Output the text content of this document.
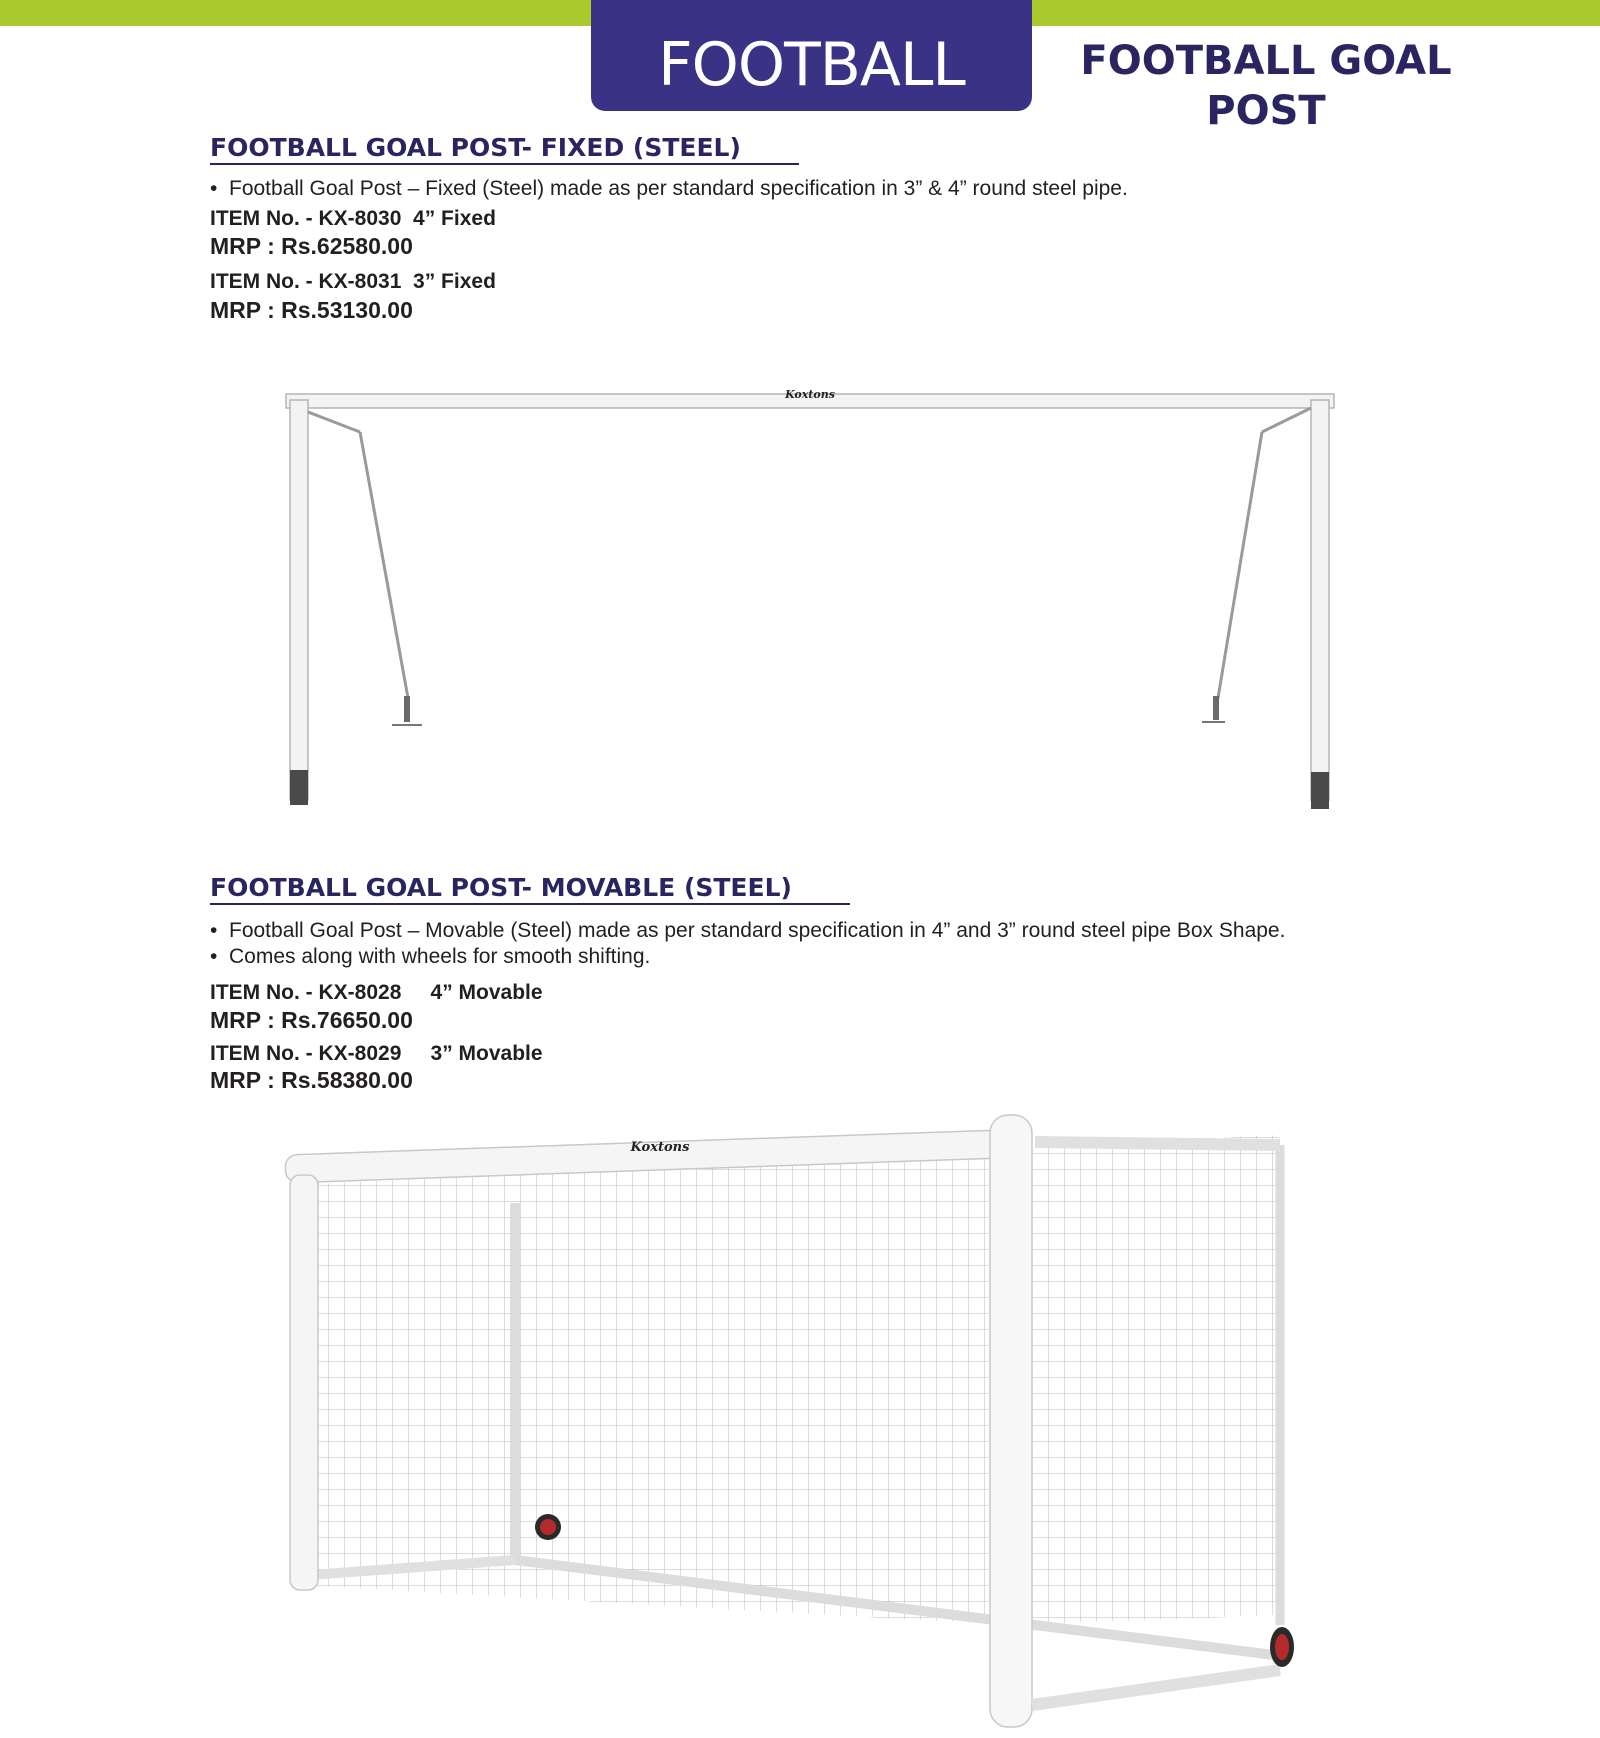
FOOTBALL	FOOTBALL GOAL
POST
FOOTBALL GOAL POST- FIXED (STEEL)
• Football Goal Post – Fixed (Steel) made as per standard specification in 3” & 4” round steel pipe.
ITEM No. - KX-8030  4” Fixed
MRP : Rs.62580.00
ITEM No. - KX-8031  3” Fixed
MRP : Rs.53130.00
Koxtons
FOOTBALL GOAL POST- MOVABLE (STEEL)
• Football Goal Post – Movable (Steel) made as per standard specification in 4” and 3” round steel pipe Box Shape.
• Comes along with wheels for smooth shifting.
ITEM No. - KX-8028     4” Movable
MRP : Rs.76650.00
ITEM No. - KX-8029     3” Movable
MRP : Rs.58380.00
Koxtons
